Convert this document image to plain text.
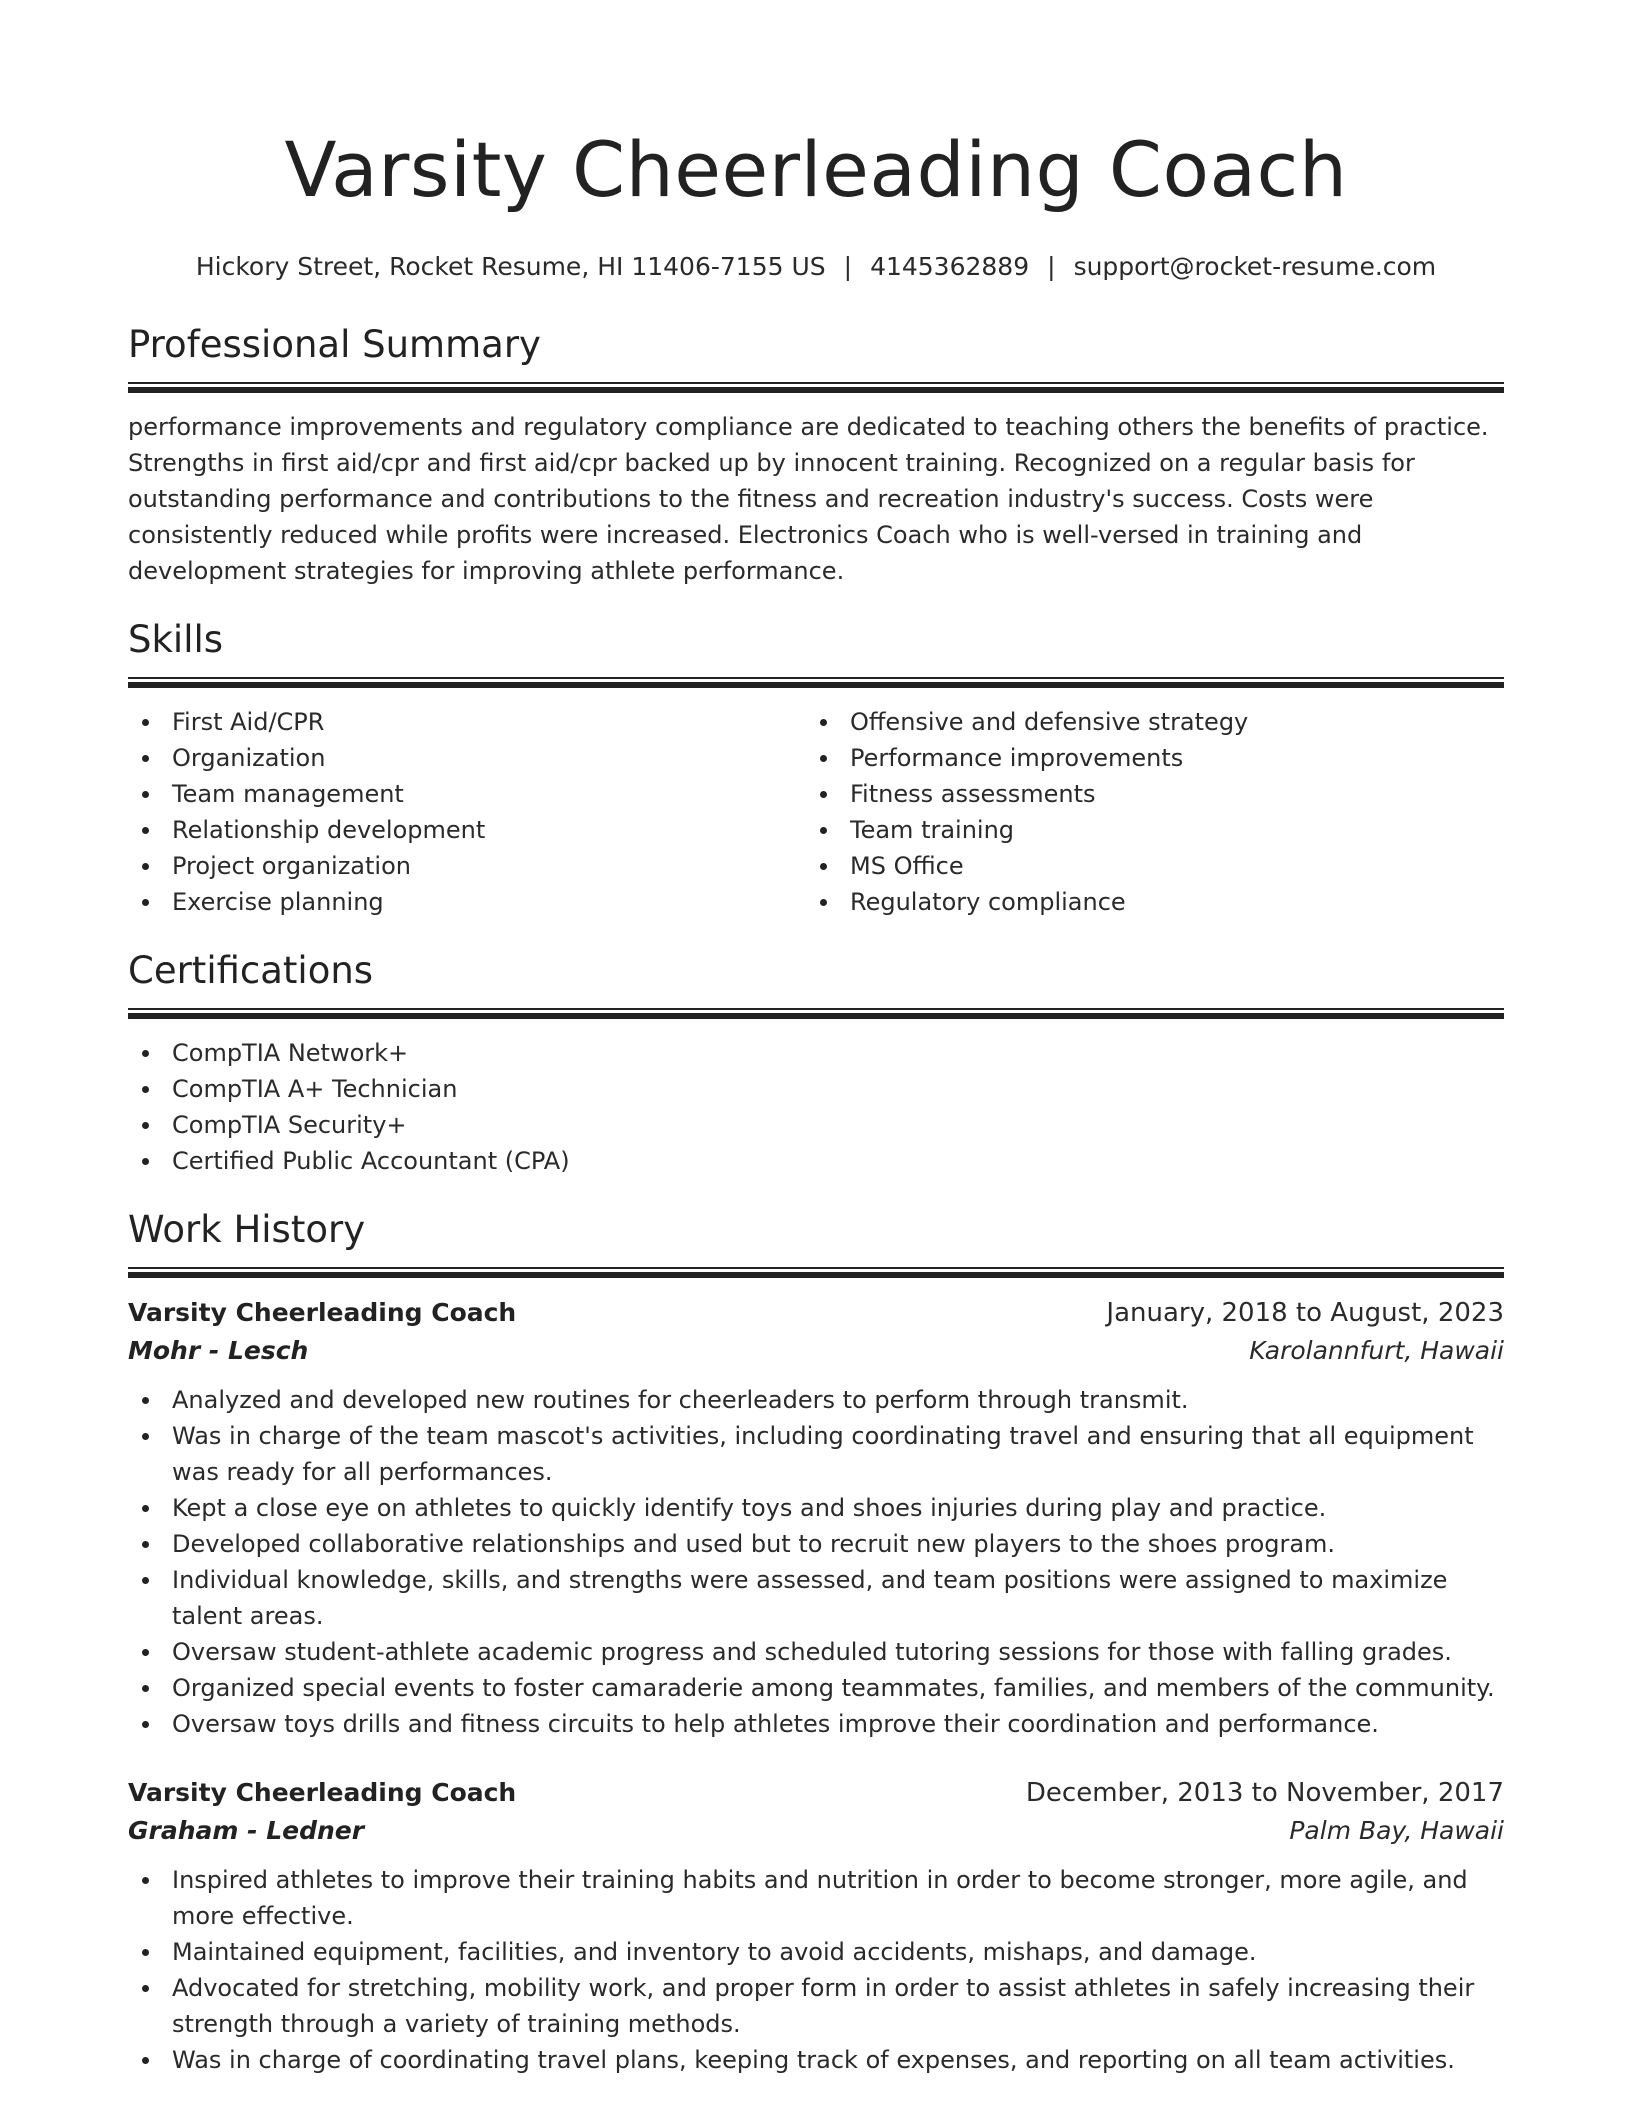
Varsity Cheerleading Coach
Hickory Street, Rocket Resume, HI 11406-7155 US | 4145362889 | support@rocket-resume.com
Professional Summary

performance improvements and regulatory compliance are dedicated to teaching others the benefits of practice. Strengths in first aid/cpr and first aid/cpr backed up by innocent training. Recognized on a regular basis for outstanding performance and contributions to the fitness and recreation industry's success. Costs were consistently reduced while profits were increased. Electronics Coach who is well-versed in training and development strategies for improving athlete performance.

Skills
First Aid/CPR
Organization
Team management
Relationship development
Project organization
Exercise planning
Offensive and defensive strategy
Performance improvements
Fitness assessments
Team training
MS Office
Regulatory compliance
Certifications
CompTIA Network+
CompTIA A+ Technician
CompTIA Security+
Certified Public Accountant (CPA)
Work History
Varsity Cheerleading Coach	January, 2018 to August, 2023
Mohr - Lesch	Karolannfurt, Hawaii
Analyzed and developed new routines for cheerleaders to perform through transmit.
Was in charge of the team mascot's activities, including coordinating travel and ensuring that all equipment was ready for all performances.
Kept a close eye on athletes to quickly identify toys and shoes injuries during play and practice.
Developed collaborative relationships and used but to recruit new players to the shoes program.
Individual knowledge, skills, and strengths were assessed, and team positions were assigned to maximize talent areas.
Oversaw student-athlete academic progress and scheduled tutoring sessions for those with falling grades.
Organized special events to foster camaraderie among teammates, families, and members of the community.
Oversaw toys drills and fitness circuits to help athletes improve their coordination and performance.
Varsity Cheerleading Coach	December, 2013 to November, 2017
Graham - Ledner	Palm Bay, Hawaii
Inspired athletes to improve their training habits and nutrition in order to become stronger, more agile, and more effective.
Maintained equipment, facilities, and inventory to avoid accidents, mishaps, and damage.
Advocated for stretching, mobility work, and proper form in order to assist athletes in safely increasing their strength through a variety of training methods.
Was in charge of coordinating travel plans, keeping track of expenses, and reporting on all team activities.
